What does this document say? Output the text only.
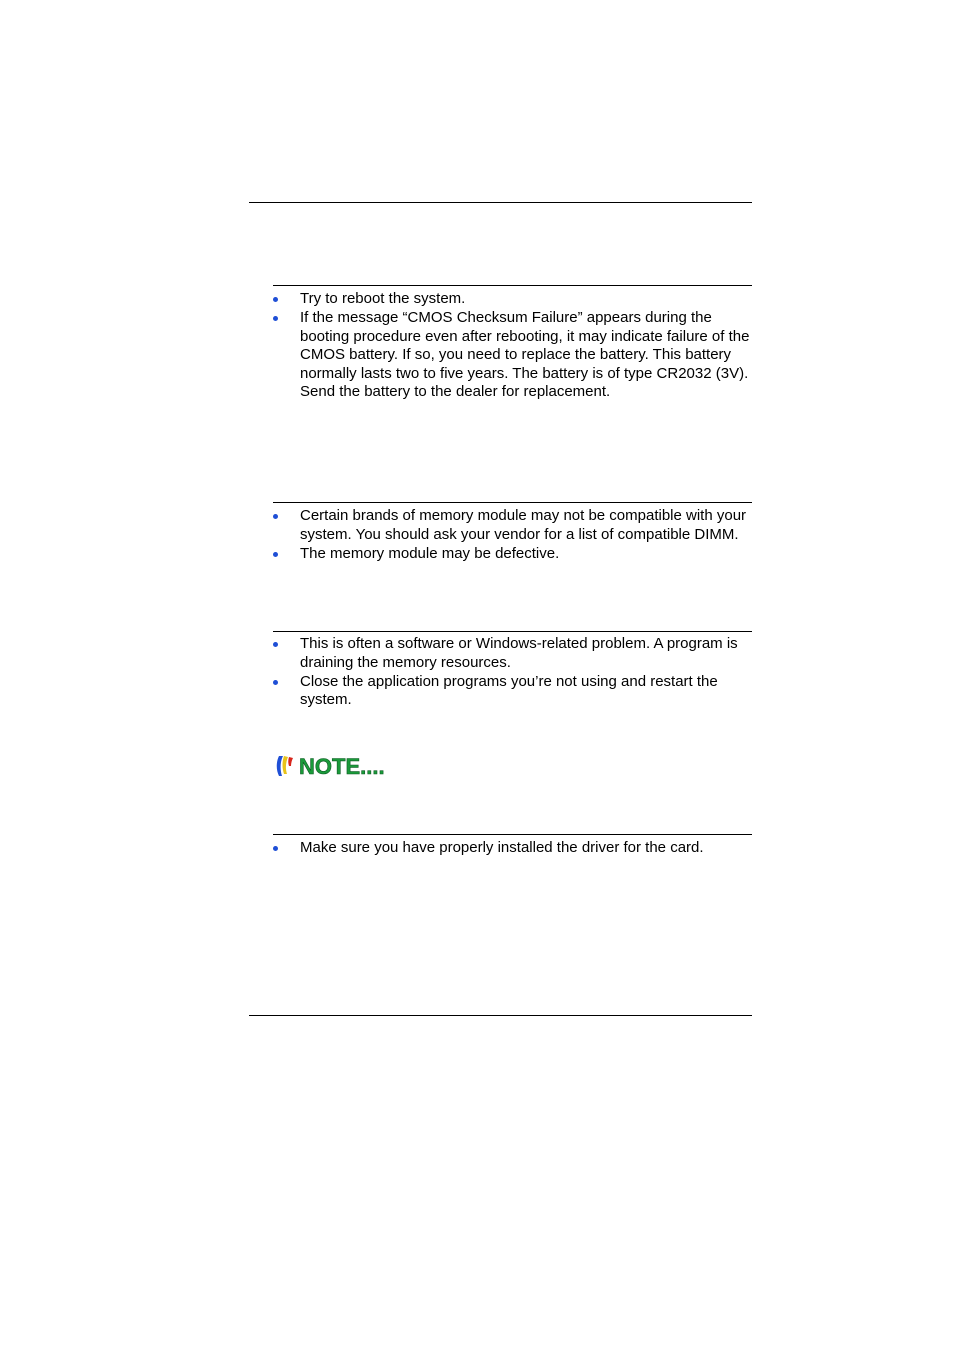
Try to reboot the system.
If the message “CMOS Checksum Failure” appears during the booting procedure even after rebooting, it may indicate failure of the CMOS battery. If so, you need to replace the battery. This battery normally lasts two to five years. The battery is of type CR2032 (3V). Send the battery to the dealer for replacement.
Certain brands of memory module may not be compatible with your system. You should ask your vendor for a list of compatible DIMM.
The memory module may be defective.
This is often a software or Windows-related problem. A program is draining the memory resources.
Close the application programs you’re not using and restart the system.
NOTE....
Make sure you have properly installed the driver for the card.
